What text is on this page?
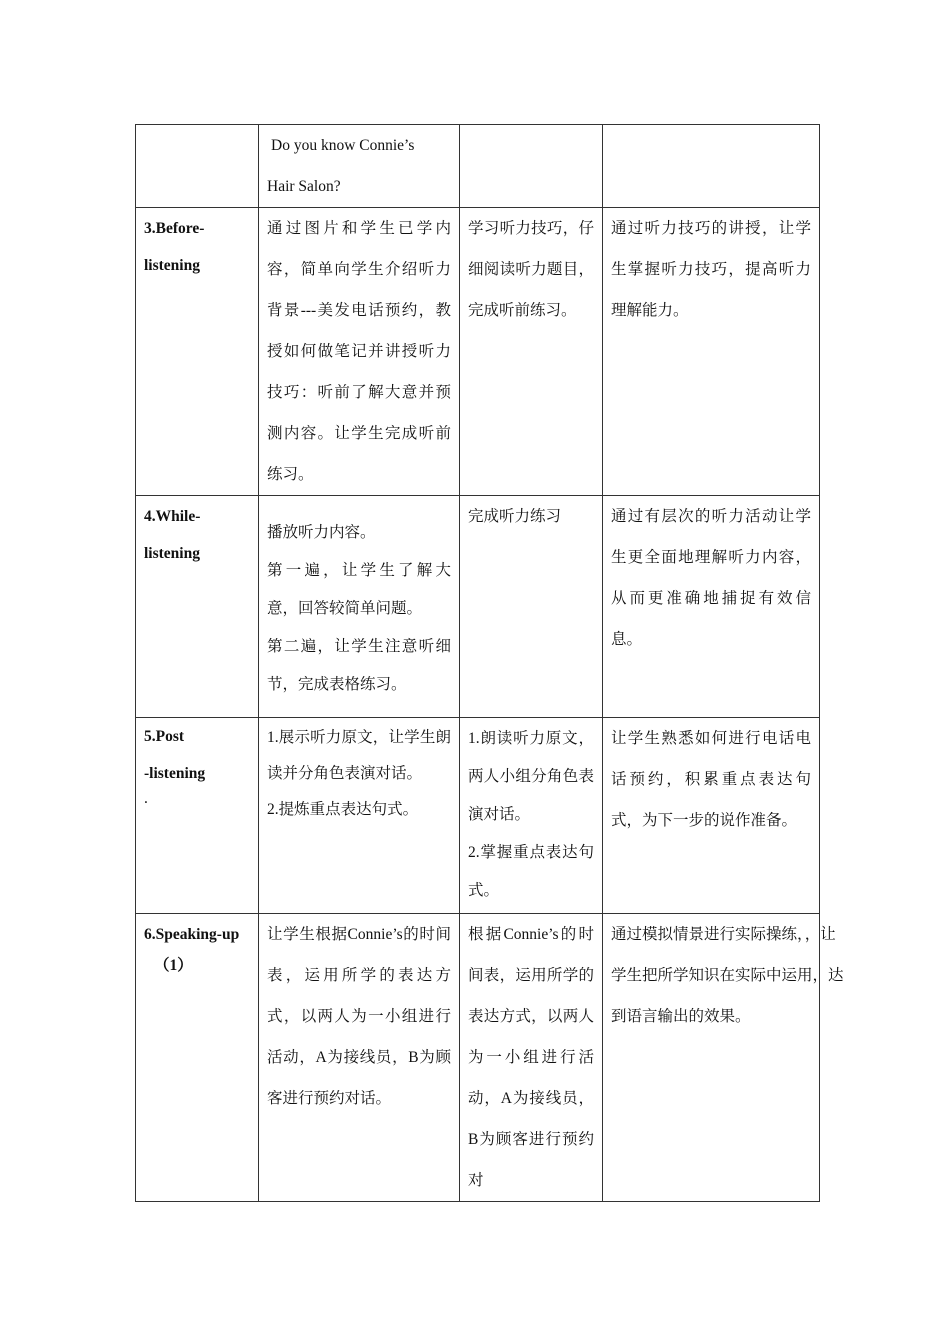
	Do you know Connie’s
Hair Salon?		

3.Before-
listening	通过图片和学生已学内容，简单向学生介绍听力背景---美发电话预约，教授如何做笔记并讲授听力技巧：听前了解大意并预测内容。让学生完成听前练习。	学习听力技巧，仔细阅读听力题目，完成听前练习。	通过听力技巧的讲授，让学生掌握听力技巧，提高听力理解能力。

4.While-
listening	播放听力内容。
第一遍，让学生了解大意，回答较简单问题。
第二遍，让学生注意听细节，完成表格练习。	完成听力练习	通过有层次的听力活动让学生更全面地理解听力内容，从而更准确地捕捉有效信息。

5.Post
-listening
.	1.展示听力原文，让学生朗读并分角色表演对话。
2.提炼重点表达句式。	1.朗读听力原文，两人小组分角色表演对话。
2.掌握重点表达句式。	让学生熟悉如何进行电话电话预约，积累重点表达句式，为下一步的说作准备。

6.Speaking-up
（1）	让学生根据Connie’s的时间表，运用所学的表达方式，以两人为一小组进行活动，A为接线员，B为顾客进行预约对话。	根据Connie’s的时间表，运用所学的表达方式，以两人为一小组进行活动，A为接线员，B为顾客进行预约对	通过模拟情景进行实际操练，，让
学生把所学知识在实际中运用，达
到语言输出的效果。
